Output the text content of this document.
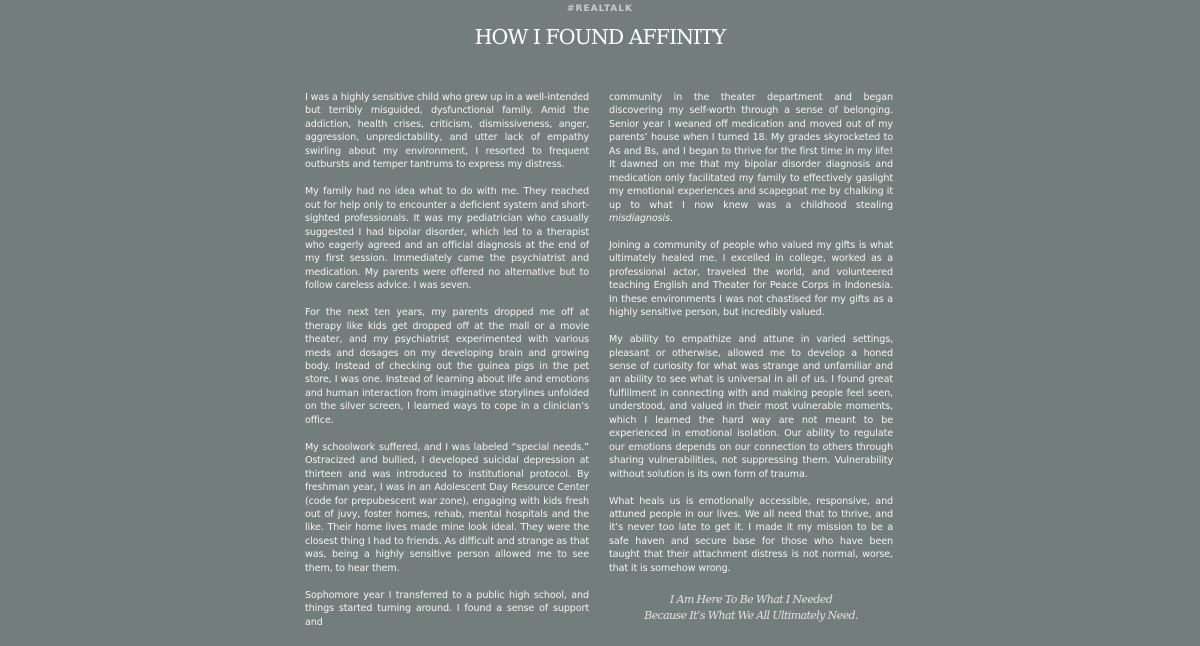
#REALTALK
HOW I FOUND AFFINITY

I was a highly sensitive child who grew up in a well-intended but terribly misguided, dysfunctional family. Amid the addiction, health crises, criticism, dismissiveness, anger, aggression, unpredictability, and utter lack of empathy swirling about my environment, I resorted to frequent outbursts and temper tantrums to express my distress.

My family had no idea what to do with me. They reached out for help only to encounter a deficient system and short-sighted professionals. It was my pediatrician who casually suggested I had bipolar disorder, which led to a therapist who eagerly agreed and an official diagnosis at the end of my first session. Immediately came the psychiatrist and medication. My parents were offered no alternative but to follow careless advice. I was seven.

For the next ten years, my parents dropped me off at therapy like kids get dropped off at the mall or a movie theater, and my psychiatrist experimented with various meds and dosages on my developing brain and growing body. Instead of checking out the guinea pigs in the pet store, I was one. Instead of learning about life and emotions and human interaction from imaginative storylines unfolded on the silver screen, I learned ways to cope in a clinician’s office.

My schoolwork suffered, and I was labeled “special needs.” Ostracized and bullied, I developed suicidal depression at thirteen and was introduced to institutional protocol. By freshman year, I was in an Adolescent Day Resource Center (code for prepubescent war zone), engaging with kids fresh out of juvy, foster homes, rehab, mental hospitals and the like. Their home lives made mine look ideal. They were the closest thing I had to friends. As difficult and strange as that was, being a highly sensitive person allowed me to see them, to hear them.

Sophomore year I transferred to a public high school, and things started turning around. I found a sense of support and

community in the theater department and began discovering my self-worth through a sense of belonging. Senior year I weaned off medication and moved out of my parents’ house when I turned 18. My grades skyrocketed to As and Bs, and I began to thrive for the first time in my life! It dawned on me that my bipolar disorder diagnosis and medication only facilitated my family to effectively gaslight my emotional experiences and scapegoat me by chalking it up to what I now knew was a childhood stealing misdiagnosis.

Joining a community of people who valued my gifts is what ultimately healed me. I excelled in college, worked as a professional actor, traveled the world, and volunteered teaching English and Theater for Peace Corps in Indonesia. In these environments I was not chastised for my gifts as a highly sensitive person, but incredibly valued.

My ability to empathize and attune in varied settings, pleasant or otherwise, allowed me to develop a honed sense of curiosity for what was strange and unfamiliar and an ability to see what is universal in all of us. I found great fulfillment in connecting with and making people feel seen, understood, and valued in their most vulnerable moments, which I learned the hard way are not meant to be experienced in emotional isolation. Our ability to regulate our emotions depends on our connection to others through sharing vulnerabilities, not suppressing them. Vulnerability without solution is its own form of trauma.

What heals us is emotionally accessible, responsive, and attuned people in our lives. We all need that to thrive, and it’s never too late to get it. I made it my mission to be a safe haven and secure base for those who have been taught that their attachment distress is not normal, worse, that it is somehow wrong.

I Am Here To Be What I Needed
Because It’s What We All Ultimately Need.
